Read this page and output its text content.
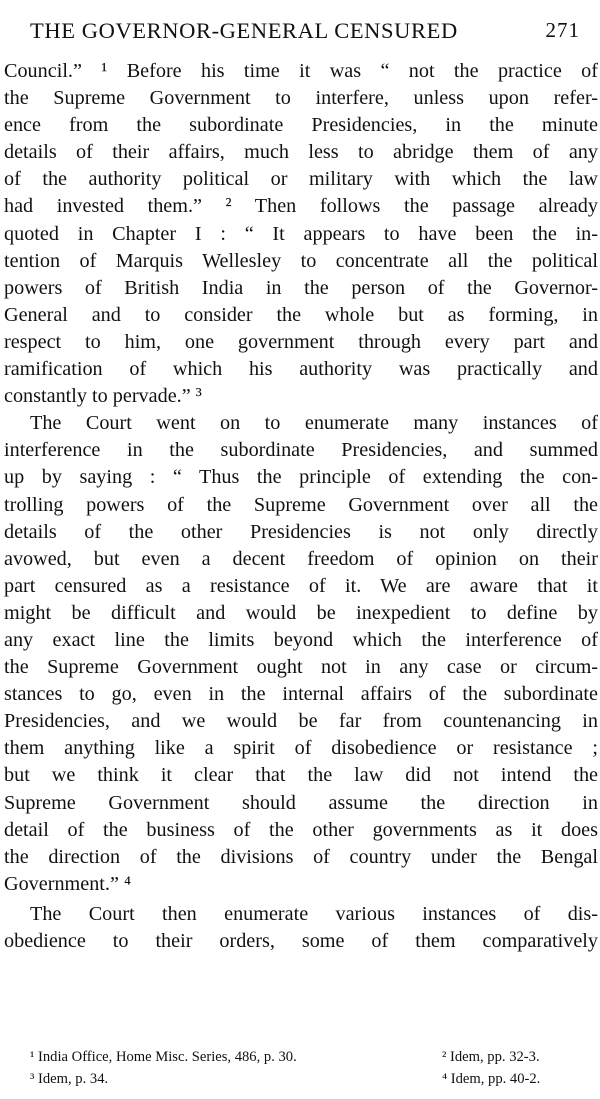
THE GOVERNOR-GENERAL CENSURED	271
Council.” ¹ Before his time it was “ not the practice of
the Supreme Government to interfere, unless upon refer-
ence from the subordinate Presidencies, in the minute
details of their affairs, much less to abridge them of any
of the authority political or military with which the law
had invested them.” ² Then follows the passage already
quoted in Chapter I : “ It appears to have been the in-
tention of Marquis Wellesley to concentrate all the political
powers of British India in the person of the Governor-
General and to consider the whole but as forming, in
respect to him, one government through every part and
ramification of which his authority was practically and
constantly to pervade.” ³
The Court went on to enumerate many instances of
interference in the subordinate Presidencies, and summed
up by saying : “ Thus the principle of extending the con-
trolling powers of the Supreme Government over all the
details of the other Presidencies is not only directly
avowed, but even a decent freedom of opinion on their
part censured as a resistance of it. We are aware that it
might be difficult and would be inexpedient to define by
any exact line the limits beyond which the interference of
the Supreme Government ought not in any case or circum-
stances to go, even in the internal affairs of the subordinate
Presidencies, and we would be far from countenancing in
them anything like a spirit of disobedience or resistance ;
but we think it clear that the law did not intend the
Supreme Government should assume the direction in
detail of the business of the other governments as it does
the direction of the divisions of country under the Bengal
Government.” ⁴
The Court then enumerate various instances of dis-
obedience to their orders, some of them comparatively
¹ India Office, Home Misc. Series, 486, p. 30.	² Idem, pp. 32-3.
³ Idem, p. 34.	⁴ Idem, pp. 40-2.
